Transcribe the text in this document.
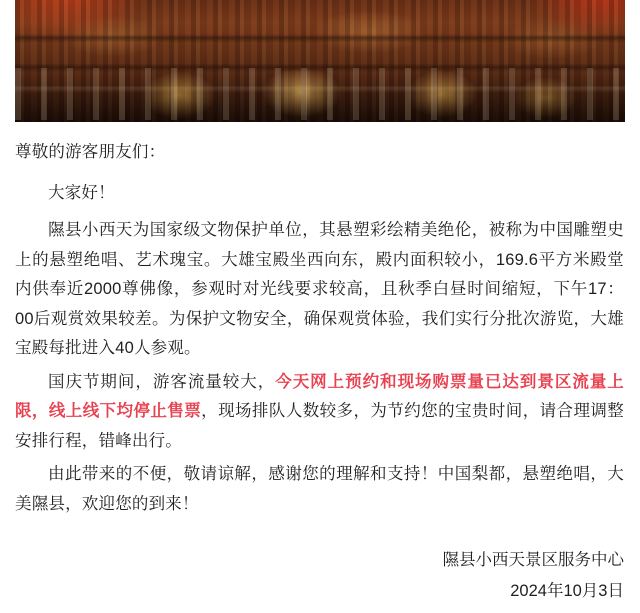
尊敬的游客朋友们：

大家好！

隰县小西天为国家级文物保护单位，其悬塑彩绘精美绝伦，被称为中国雕塑史上的悬塑绝唱、艺术瑰宝。大雄宝殿坐西向东，殿内面积较小，169.6平方米殿堂内供奉近2000尊佛像，参观时对光线要求较高，且秋季白昼时间缩短，下午17：00后观赏效果较差。为保护文物安全，确保观赏体验，我们实行分批次游览，大雄宝殿每批进入40人参观。

国庆节期间，游客流量较大，今天网上预约和现场购票量已达到景区流量上限，线上线下均停止售票，现场排队人数较多，为节约您的宝贵时间，请合理调整安排行程，错峰出行。

由此带来的不便，敬请谅解，感谢您的理解和支持！中国梨都，悬塑绝唱，大美隰县，欢迎您的到来！

隰县小西天景区服务中心
2024年10月3日
